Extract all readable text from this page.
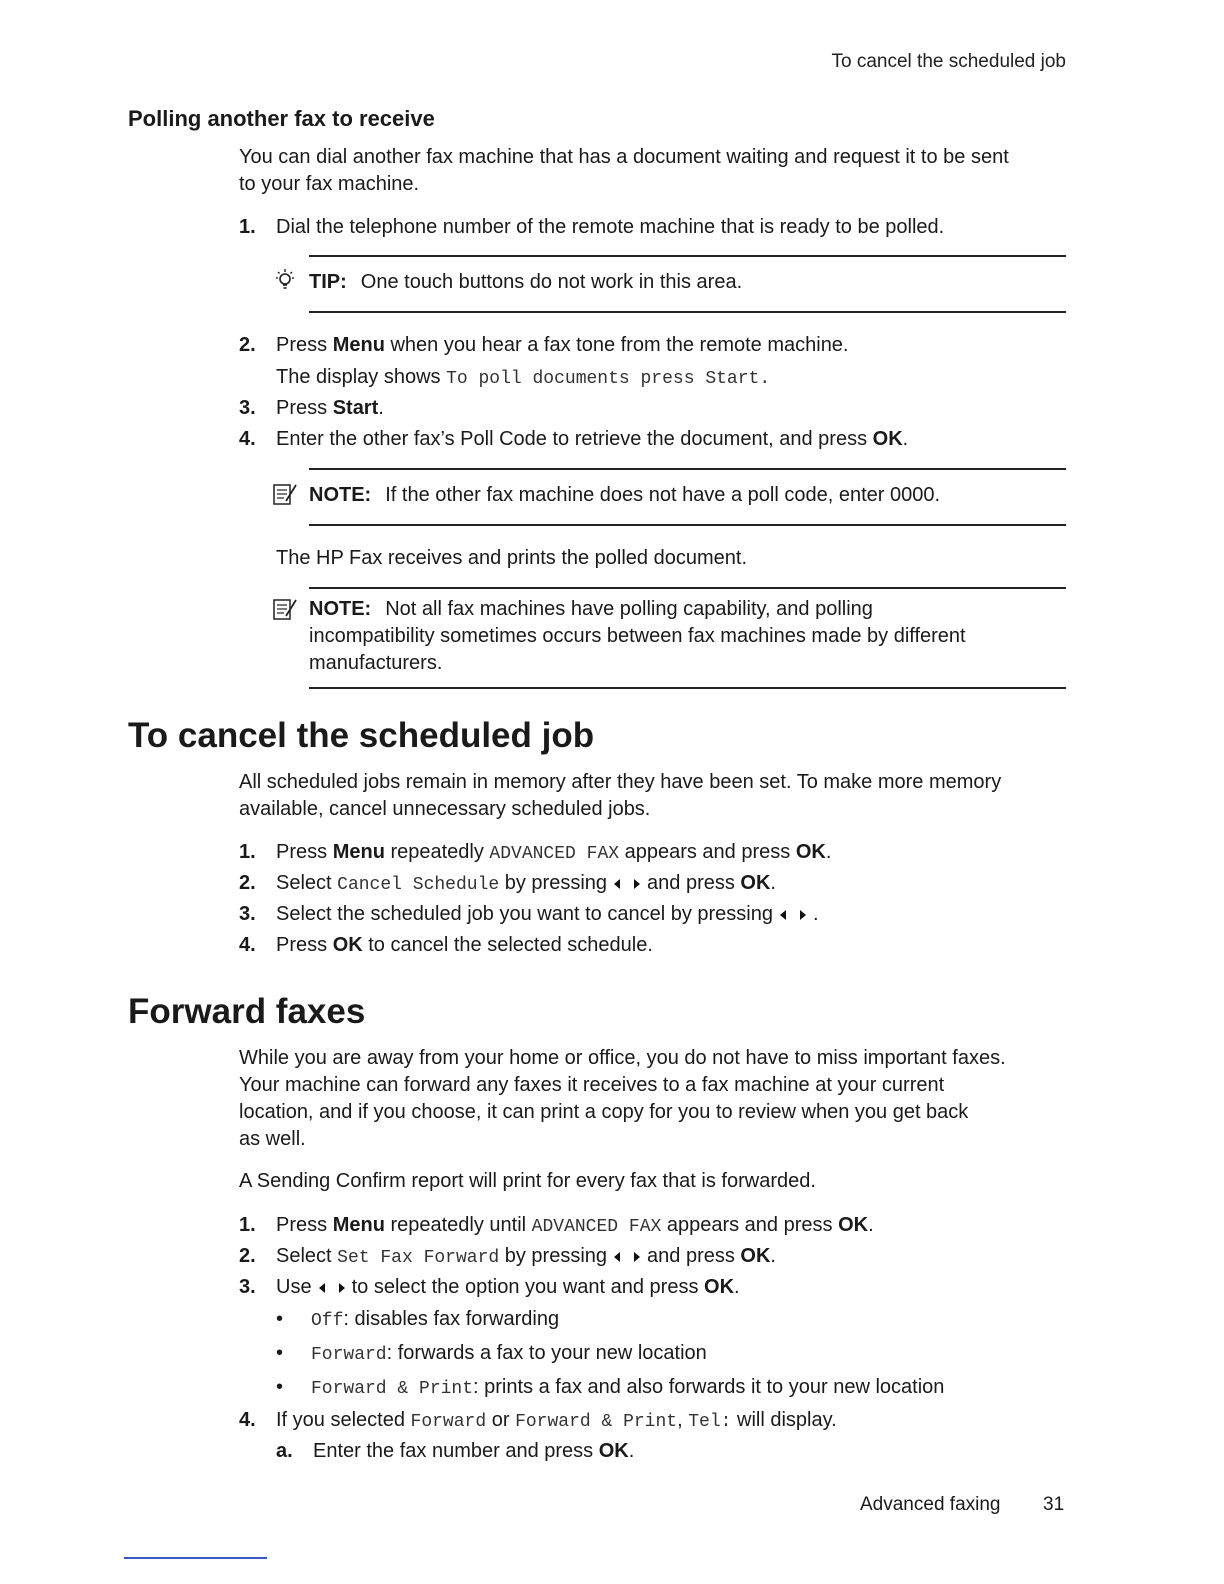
To cancel the scheduled job
Polling another fax to receive
You can dial another fax machine that has a document waiting and request it to be sent
to your fax machine.
1.	Dial the telephone number of the remote machine that is ready to be polled.
TIP: One touch buttons do not work in this area.
2.	Press Menu when you hear a fax tone from the remote machine.
The display shows To poll documents press Start.
3.	Press Start.
4.	Enter the other fax’s Poll Code to retrieve the document, and press OK.
NOTE: If the other fax machine does not have a poll code, enter 0000.
The HP Fax receives and prints the polled document.
NOTE: Not all fax machines have polling capability, and polling
incompatibility sometimes occurs between fax machines made by different
manufacturers.
To cancel the scheduled job
All scheduled jobs remain in memory after they have been set. To make more memory
available, cancel unnecessary scheduled jobs.
1.	Press Menu repeatedly ADVANCED FAX appears and press OK.
2.	Select Cancel Schedule by pressing and press OK.
3.	Select the scheduled job you want to cancel by pressing .
4.	Press OK to cancel the selected schedule.
Forward faxes
While you are away from your home or office, you do not have to miss important faxes.
Your machine can forward any faxes it receives to a fax machine at your current
location, and if you choose, it can print a copy for you to review when you get back
as well.
A Sending Confirm report will print for every fax that is forwarded.
1.	Press Menu repeatedly until ADVANCED FAX appears and press OK.
2.	Select Set Fax Forward by pressing and press OK.
3.	Use to select the option you want and press OK.
• Off: disables fax forwarding
• Forward: forwards a fax to your new location
• Forward & Print: prints a fax and also forwards it to your new location
4.	If you selected Forward or Forward & Print, Tel: will display.
a.	Enter the fax number and press OK.
Advanced faxing 31
